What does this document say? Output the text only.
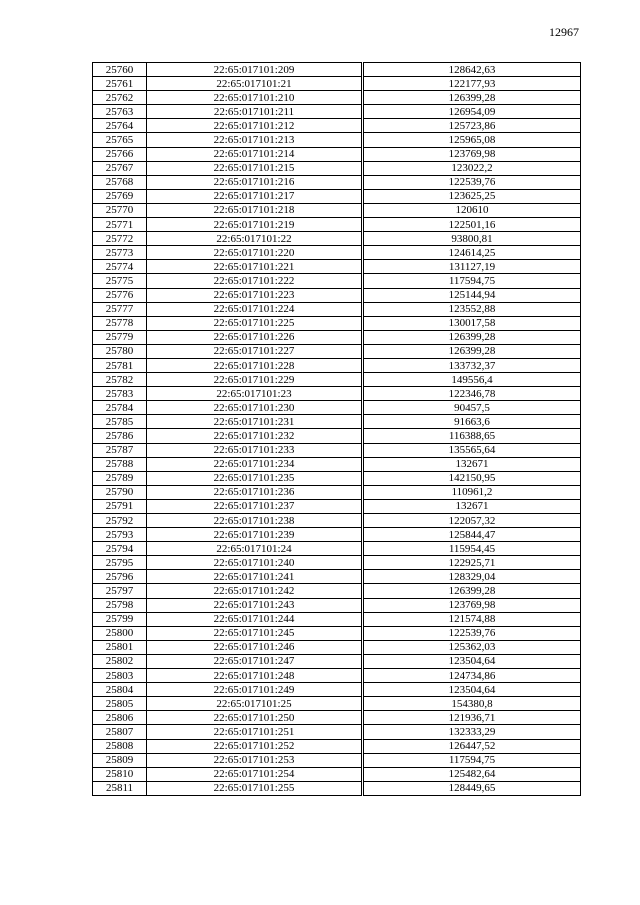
12967
25760	22:65:017101:209	128642,63
25761	22:65:017101:21	122177,93
25762	22:65:017101:210	126399,28
25763	22:65:017101:211	126954,09
25764	22:65:017101:212	125723,86
25765	22:65:017101:213	125965,08
25766	22:65:017101:214	123769,98
25767	22:65:017101:215	123022,2
25768	22:65:017101:216	122539,76
25769	22:65:017101:217	123625,25
25770	22:65:017101:218	120610
25771	22:65:017101:219	122501,16
25772	22:65:017101:22	93800,81
25773	22:65:017101:220	124614,25
25774	22:65:017101:221	131127,19
25775	22:65:017101:222	117594,75
25776	22:65:017101:223	125144,94
25777	22:65:017101:224	123552,88
25778	22:65:017101:225	130017,58
25779	22:65:017101:226	126399,28
25780	22:65:017101:227	126399,28
25781	22:65:017101:228	133732,37
25782	22:65:017101:229	149556,4
25783	22:65:017101:23	122346,78
25784	22:65:017101:230	90457,5
25785	22:65:017101:231	91663,6
25786	22:65:017101:232	116388,65
25787	22:65:017101:233	135565,64
25788	22:65:017101:234	132671
25789	22:65:017101:235	142150,95
25790	22:65:017101:236	110961,2
25791	22:65:017101:237	132671
25792	22:65:017101:238	122057,32
25793	22:65:017101:239	125844,47
25794	22:65:017101:24	115954,45
25795	22:65:017101:240	122925,71
25796	22:65:017101:241	128329,04
25797	22:65:017101:242	126399,28
25798	22:65:017101:243	123769,98
25799	22:65:017101:244	121574,88
25800	22:65:017101:245	122539,76
25801	22:65:017101:246	125362,03
25802	22:65:017101:247	123504,64
25803	22:65:017101:248	124734,86
25804	22:65:017101:249	123504,64
25805	22:65:017101:25	154380,8
25806	22:65:017101:250	121936,71
25807	22:65:017101:251	132333,29
25808	22:65:017101:252	126447,52
25809	22:65:017101:253	117594,75
25810	22:65:017101:254	125482,64
25811	22:65:017101:255	128449,65
